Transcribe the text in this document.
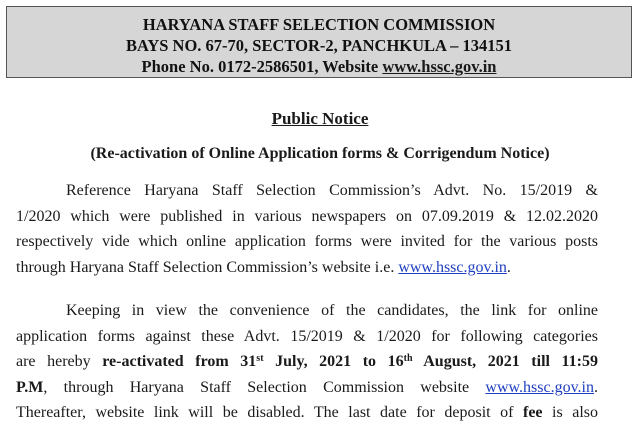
HARYANA STAFF SELECTION COMMISSION
BAYS NO. 67-70, SECTOR-2, PANCHKULA – 134151
Phone No. 0172-2586501, Website www.hssc.gov.in
Public Notice
(Re-activation of Online Application forms & Corrigendum Notice)
Reference Haryana Staff Selection Commission’s Advt. No. 15/2019 &
1/2020 which were published in various newspapers on 07.09.2019 & 12.02.2020
respectively vide which online application forms were invited for the various posts
through Haryana Staff Selection Commission’s website i.e. www.hssc.gov.in.
Keeping in view the convenience of the candidates, the link for online
application forms against these Advt. 15/2019 & 1/2020 for following categories
are hereby re-activated from 31st July, 2021 to 16th August, 2021 till 11:59
P.M, through Haryana Staff Selection Commission website www.hssc.gov.in.
Thereafter, website link will be disabled. The last date for deposit of fee is also
